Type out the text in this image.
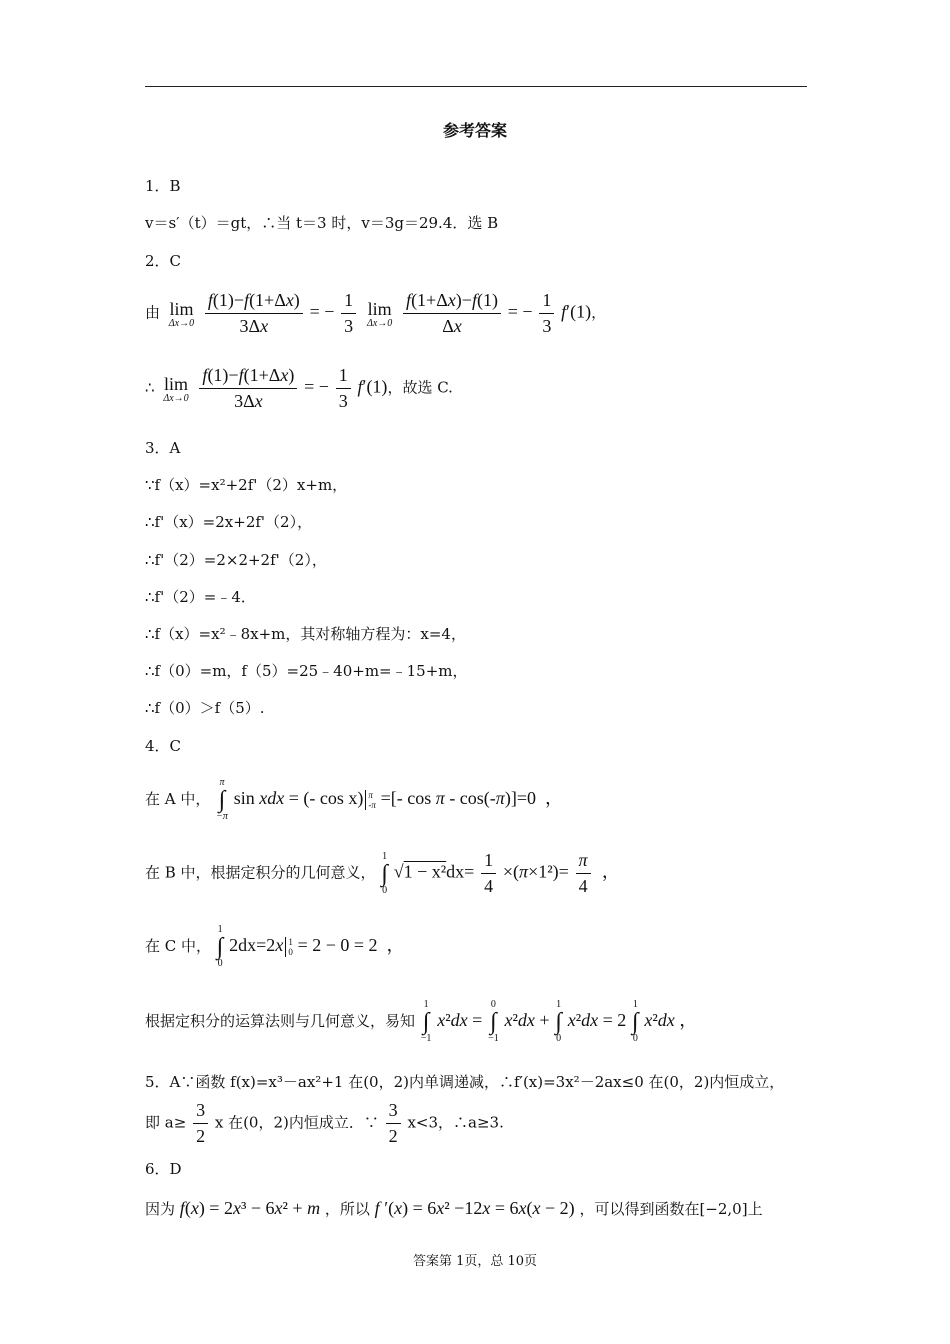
参考答案
1．B
v＝s′（t）＝gt，∴当 t＝3 时，v＝3g＝29.4．选 B
2．C
由 lim
Δx→0
$\frac{f(1)-f(1+\Delta x)}{3\Delta x}$ = − $\frac{1}{3}$
lim
Δx→0
$\frac{f(1+\Delta x)-f(1)}{\Delta x}$ = − $\frac{1}{3} f'(1)$，
∴ lim
Δx→0
$\frac{f(1)-f(1+\Delta x)}{3\Delta x}$ = − $\frac{1}{3} f'(1)$，故选 C.
3．A
∵f（x）=x²+2f'（2）x+m，
∴f'（x）=2x+2f'（2），
∴f'（2）=2×2+2f'（2），
∴f'（2）=﹣4．
∴f（x）=x²﹣8x+m，其对称轴方程为：x=4，
∴f（0）=m，f（5）=25﹣40+m=﹣15+m，
∴f（0）＞f（5）.
4．C
在 A 中，
π
∫
−π
sin xdx = (- cos x) π
-π =[- cos π - cos(-π)]=0  ，
在 B 中，根据定积分的几何意义，
1
∫
0
$√1 - x^2dx= \frac{1}{4} \times(\pi\times 1^2)= \frac{\pi}{4}$ ，
在 C 中，
1
∫
0
2dx=2x 1
0 = 2 − 0 = 2  ，
根据定积分的运算法则与几何意义，易知
1
∫
−1
x²dx =
0
∫
−1
x²dx +
1
∫
0
x²dx = 2
1
∫
0
x²dx ，
5．A∵函数 f(x)=x³－ax²+1 在(0，2)内单调递减，∴f′(x)=3x²－2ax≤0 在(0，2)内恒成立，
即 $a\ge \frac{3}{2}$ x 在(0，2)内恒成立．∵ $\frac{3}{2} x<3$，∴a≥3.
6．D
因为 f(x) = 2x³ − 6x² + m ，所以 f ′(x) = 6x² −12x = 6x(x − 2) ，可以得到函数在[−2,0]上
答案第 1页，总 10页
